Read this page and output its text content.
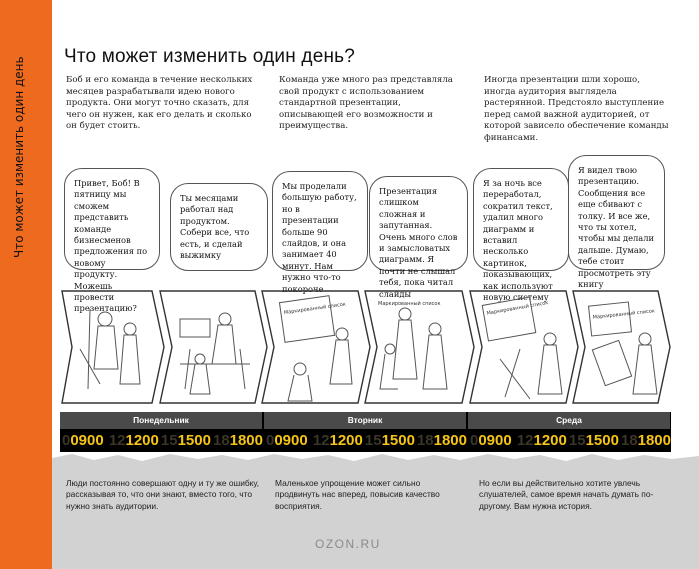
Что может изменить один день Что может изменить один день?
Боб и его команда в течение нескольких месяцев разрабатывали идею нового продукта. Они могут точно сказать, для чего он нужен, как его делать и сколько он будет стоить.
Команда уже много раз представляла свой продукт с использованием стандартной презентации, описывающей его возможности и преимущества.
Иногда презентации шли хорошо, иногда аудитория выглядела растерянной. Предстояло выступление перед самой важной аудиторией, от которой зависело обеспечение команды финансами.
Привет, Боб! В пятницу мы сможем представить команде бизнесменов предложения по новому продукту. Можешь провести презентацию?
Ты месяцами работал над продуктом. Собери все, что есть, и сделай выжимку
Мы проделали большую работу, но в презентации больше 90 слайдов, и она занимает 40 минут. Нам нужно что-то покороче
Презентация слишком сложная и запутанная. Очень много слов и замысловатых диаграмм. Я почти не слышал тебя, пока читал слайды
Я за ночь все переработал, сократил текст, удалил много диаграмм и вставил несколько картинок, показывающих, как используют новую систему
Я видел твою презентацию. Сообщения все еще сбивают с толку. И все же, что ты хотел, чтобы мы делали дальше. Думаю, тебе стоит просмотреть эту книгу
Маркированный список	Маркированный список	Маркированный список	Маркированный список
Понедельник
00900 121200 151500 181800
Вторник
00900 121200 151500 181800
Среда
00900 121200 151500 181800
Люди постоянно совершают одну и ту же ошибку, рассказывая то, что они знают, вместо того, что нужно знать аудитории.
Маленькое упрощение может сильно продвинуть нас вперед, повысив качество восприятия.
Но если вы действительно хотите увлечь слушателей, самое время начать думать по-другому. Вам нужна история.
OZON.RU
